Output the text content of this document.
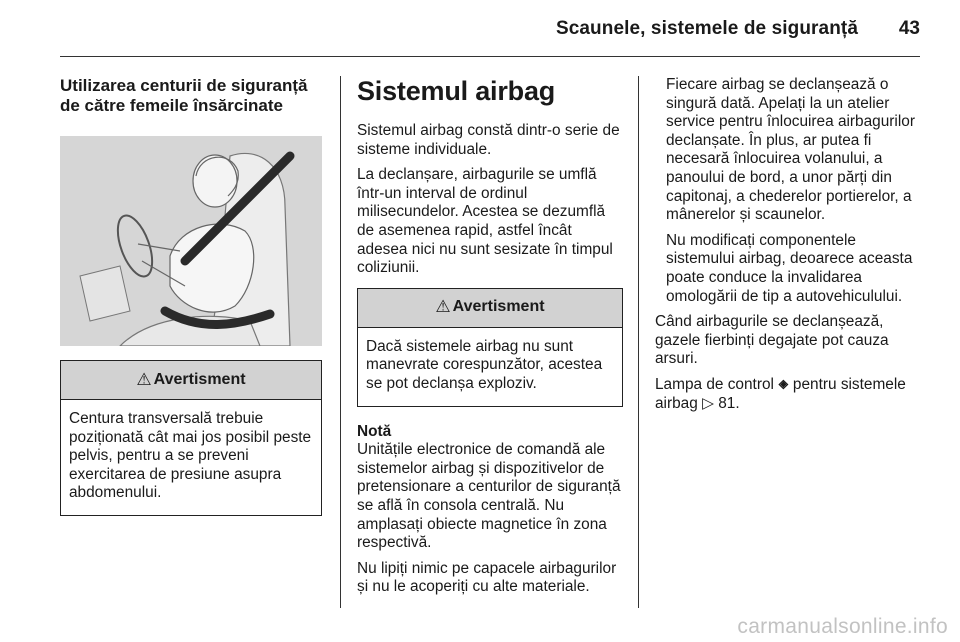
Scaunele, sistemele de siguranță 43
Utilizarea centurii de siguranță de către femeile însărcinate
⚠ Avertisment
Centura transversală trebuie poziționată cât mai jos posibil peste pelvis, pentru a se preveni exercitarea de presiune asupra abdomenului.
Sistemul airbag

Sistemul airbag constă dintr-o serie de sisteme individuale.

La declanșare, airbagurile se umflă într-un interval de ordinul milisecundelor. Acestea se dezumflă de asemenea rapid, astfel încât adesea nici nu sunt sesizate în timpul coliziunii.

⚠ Avertisment
Dacă sistemele airbag nu sunt manevrate corespunzător, acestea se pot declanșa exploziv.
Notă

Unitățile electronice de comandă ale sistemelor airbag și dispozitivelor de pretensionare a centurilor de siguranță se află în consola centrală. Nu amplasați obiecte magnetice în zona respectivă.

Nu lipiți nimic pe capacele airbagurilor și nu le acoperiți cu alte materiale.

Fiecare airbag se declanșează o singură dată. Apelați la un atelier service pentru înlocuirea airbagurilor declanșate. În plus, ar putea fi necesară înlocuirea volanului, a panoului de bord, a unor părți din capitonaj, a chederelor portierelor, a mânerelor și scaunelor.

Nu modificați componentele sistemului airbag, deoarece aceasta poate conduce la invalidarea omologării de tip a autovehiculului.

Când airbagurile se declanșează, gazele fierbinți degajate pot cauza arsuri.

Lampa de control 🞛 pentru sistemele airbag ▷ 81.

carmanualsonline.info
